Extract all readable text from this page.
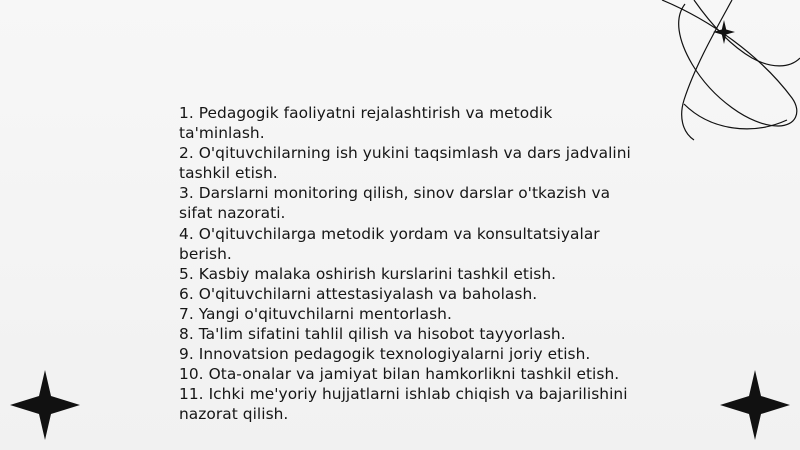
1. Pedagogik faoliyatni rejalashtirish va metodik ta'minlash.

2. O'qituvchilarning ish yukini taqsimlash va dars jadvalini tashkil etish.

3. Darslarni monitoring qilish, sinov darslar o'tkazish va sifat nazorati.

4. O'qituvchilarga metodik yordam va konsultatsiyalar berish.

5. Kasbiy malaka oshirish kurslarini tashkil etish.

6. O'qituvchilarni attestasiyalash va baholash.

7. Yangi o'qituvchilarni mentorlash.

8. Ta'lim sifatini tahlil qilish va hisobot tayyorlash.

9. Innovatsion pedagogik texnologiyalarni joriy etish.

10. Ota-onalar va jamiyat bilan hamkorlikni tashkil etish.

11. Ichki me'yoriy hujjatlarni ishlab chiqish va bajarilishini nazorat qilish.
